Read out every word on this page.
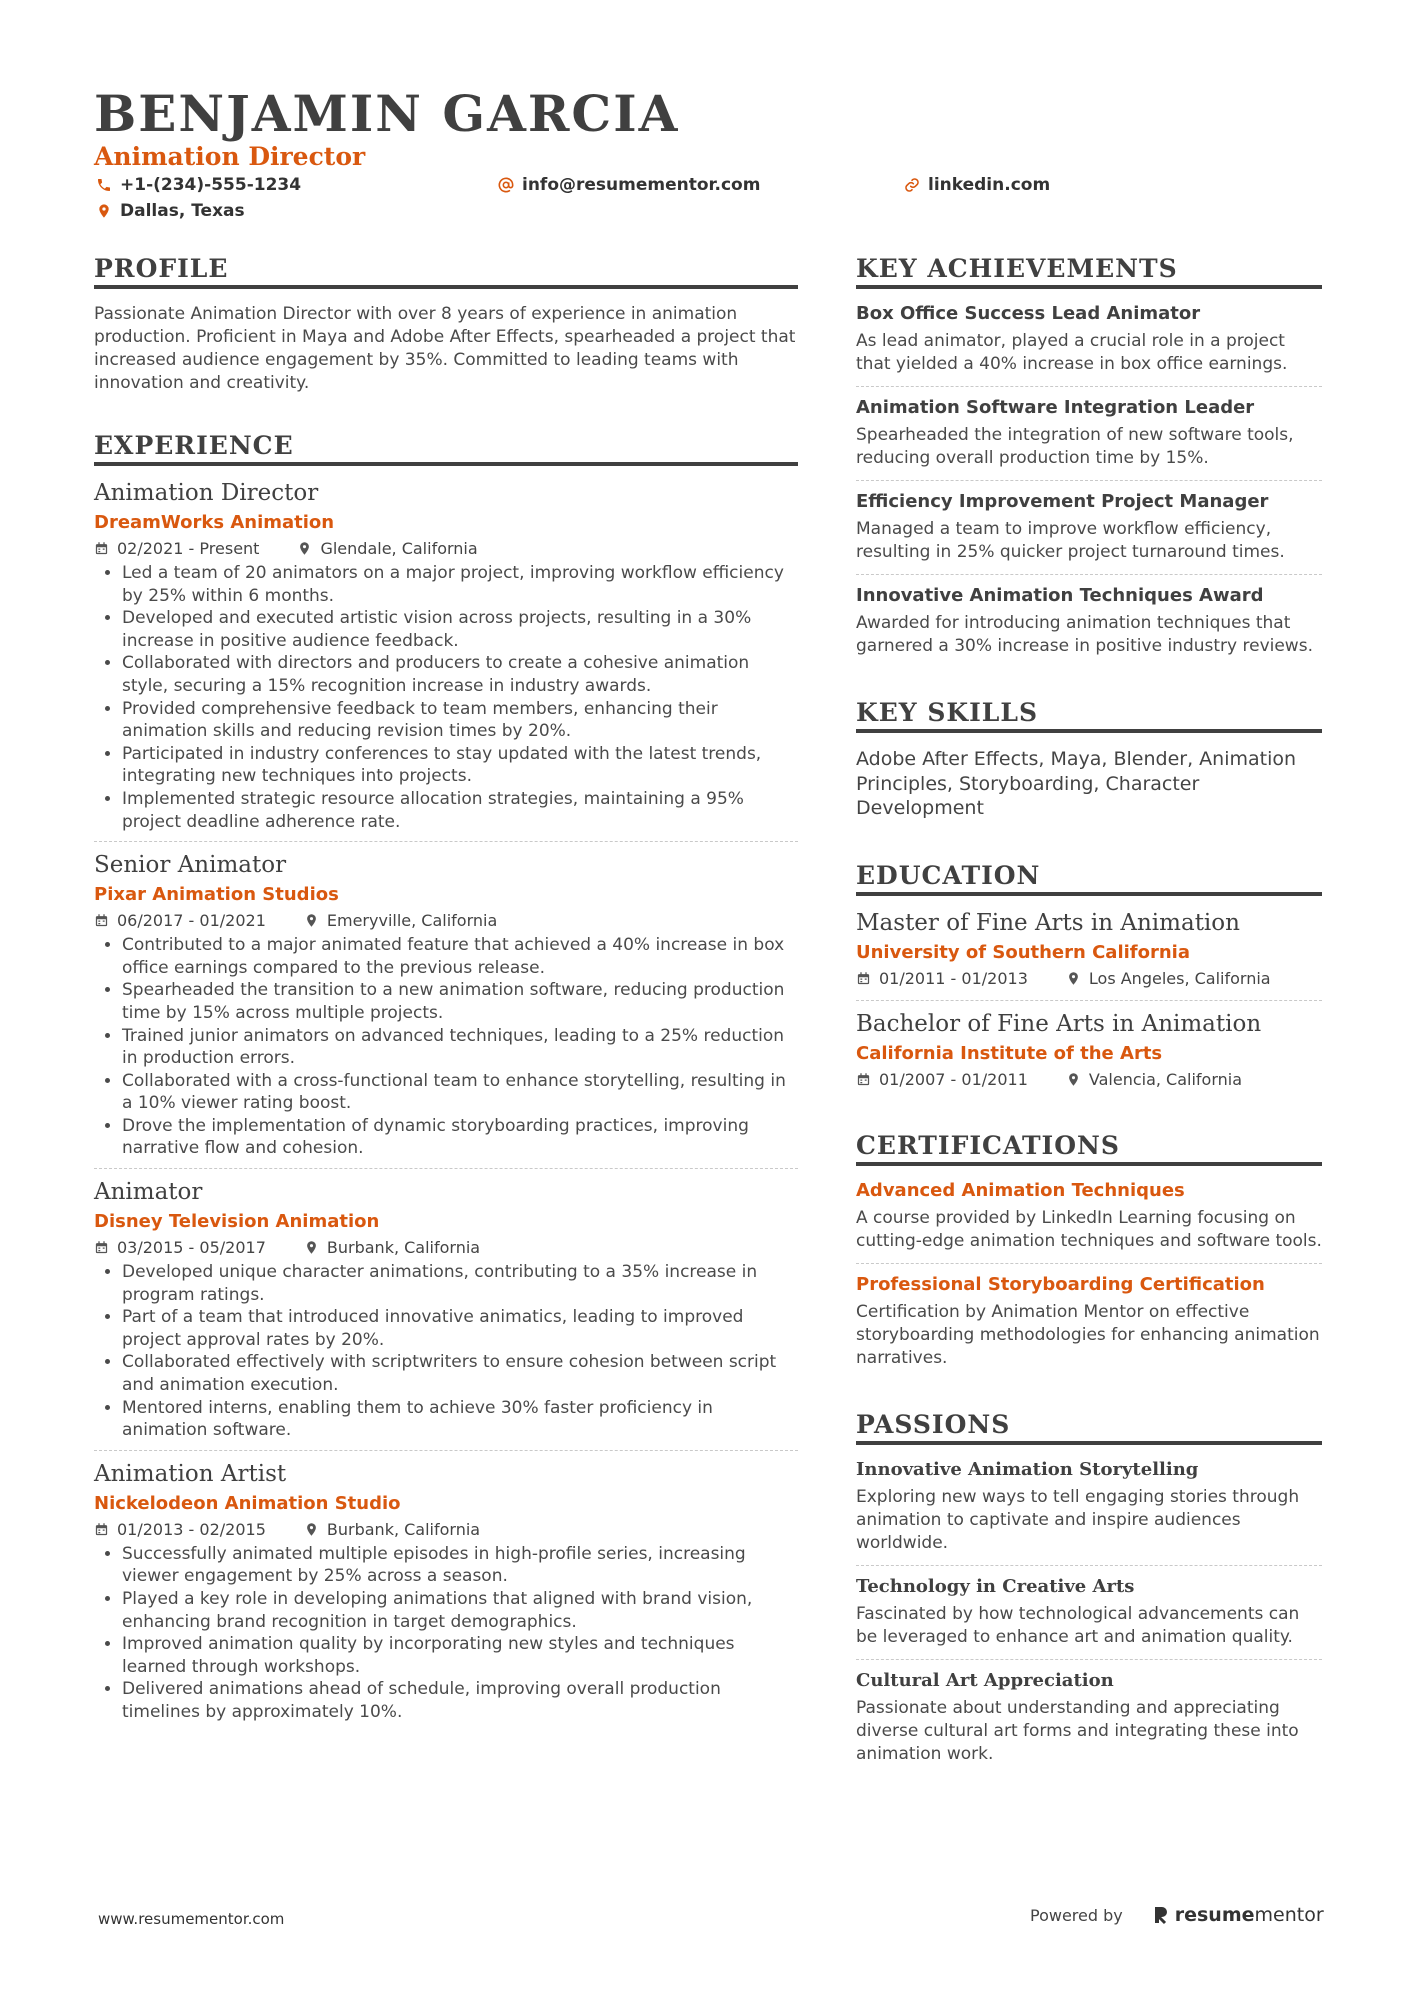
BENJAMIN GARCIA
Animation Director
+1-(234)-555-1234	info@resumementor.com	linkedin.com
Dallas, Texas
PROFILE

Passionate Animation Director with over 8 years of experience in animation production. Proficient in Maya and Adobe After Effects, spearheaded a project that increased audience engagement by 35%. Committed to leading teams with innovation and creativity.

EXPERIENCE
Animation Director
DreamWorks Animation
02/2021 - Present	Glendale, California
• Led a team of 20 animators on a major project, improving workflow efficiency by 25% within 6 months.
• Developed and executed artistic vision across projects, resulting in a 30% increase in positive audience feedback.
• Collaborated with directors and producers to create a cohesive animation style, securing a 15% recognition increase in industry awards.
• Provided comprehensive feedback to team members, enhancing their animation skills and reducing revision times by 20%.
• Participated in industry conferences to stay updated with the latest trends, integrating new techniques into projects.
• Implemented strategic resource allocation strategies, maintaining a 95% project deadline adherence rate.
Senior Animator
Pixar Animation Studios
06/2017 - 01/2021	Emeryville, California
• Contributed to a major animated feature that achieved a 40% increase in box office earnings compared to the previous release.
• Spearheaded the transition to a new animation software, reducing production time by 15% across multiple projects.
• Trained junior animators on advanced techniques, leading to a 25% reduction in production errors.
• Collaborated with a cross-functional team to enhance storytelling, resulting in a 10% viewer rating boost.
• Drove the implementation of dynamic storyboarding practices, improving narrative flow and cohesion.
Animator
Disney Television Animation
03/2015 - 05/2017	Burbank, California
• Developed unique character animations, contributing to a 35% increase in program ratings.
• Part of a team that introduced innovative animatics, leading to improved project approval rates by 20%.
• Collaborated effectively with scriptwriters to ensure cohesion between script and animation execution.
• Mentored interns, enabling them to achieve 30% faster proficiency in animation software.
Animation Artist
Nickelodeon Animation Studio
01/2013 - 02/2015	Burbank, California
• Successfully animated multiple episodes in high-profile series, increasing viewer engagement by 25% across a season.
• Played a key role in developing animations that aligned with brand vision, enhancing brand recognition in target demographics.
• Improved animation quality by incorporating new styles and techniques learned through workshops.
• Delivered animations ahead of schedule, improving overall production timelines by approximately 10%.
KEY ACHIEVEMENTS
Box Office Success Lead Animator

As lead animator, played a crucial role in a project that yielded a 40% increase in box office earnings.

Animation Software Integration Leader

Spearheaded the integration of new software tools, reducing overall production time by 15%.

Efficiency Improvement Project Manager

Managed a team to improve workflow efficiency, resulting in 25% quicker project turnaround times.

Innovative Animation Techniques Award

Awarded for introducing animation techniques that garnered a 30% increase in positive industry reviews.

KEY SKILLS
Adobe After Effects, Maya, Blender, Animation Principles, Storyboarding, Character Development
EDUCATION
Master of Fine Arts in Animation
University of Southern California
01/2011 - 01/2013	Los Angeles, California
Bachelor of Fine Arts in Animation
California Institute of the Arts
01/2007 - 01/2011	Valencia, California
CERTIFICATIONS
Advanced Animation Techniques

A course provided by LinkedIn Learning focusing on cutting-edge animation techniques and software tools.

Professional Storyboarding Certification

Certification by Animation Mentor on effective storyboarding methodologies for enhancing animation narratives.

PASSIONS
Innovative Animation Storytelling

Exploring new ways to tell engaging stories through animation to captivate and inspire audiences worldwide.

Technology in Creative Arts

Fascinated by how technological advancements can be leveraged to enhance art and animation quality.

Cultural Art Appreciation

Passionate about understanding and appreciating diverse cultural art forms and integrating these into animation work.

www.resumementor.com	Powered by	resume mentor
